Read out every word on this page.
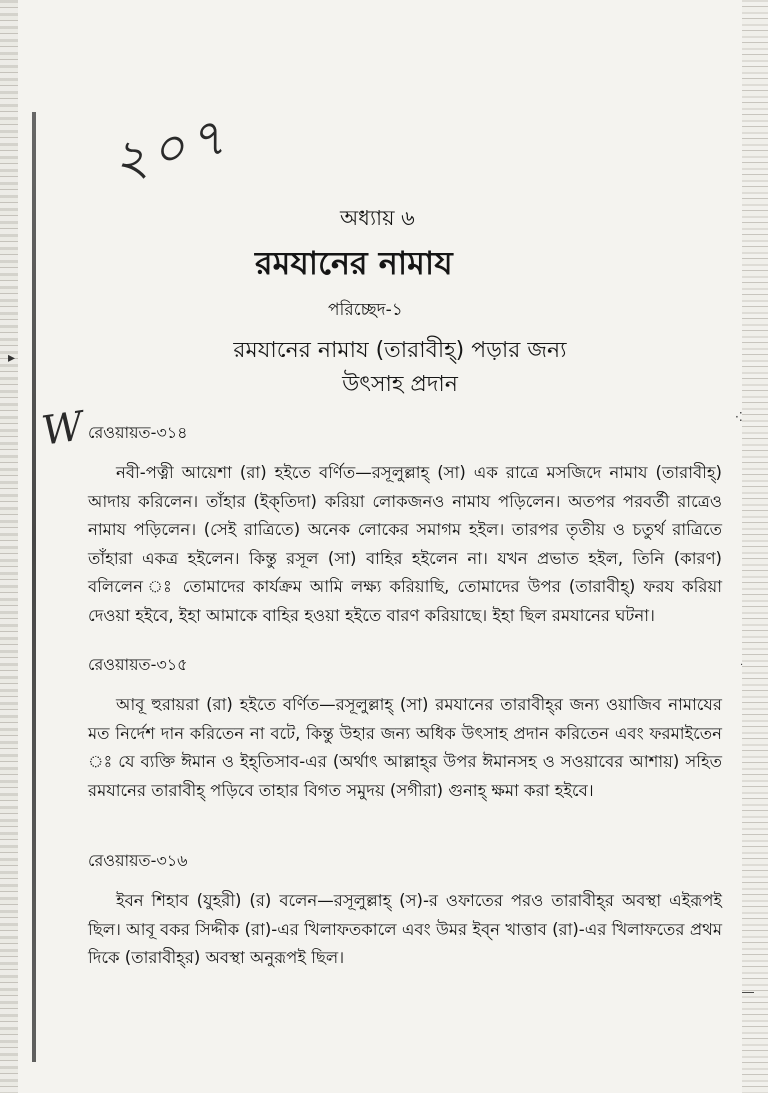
▸
·⁚
·
―
২০৭
W
অধ্যায় ৬
রমযানের নামায
পরিচ্ছেদ-১
রমযানের নামায (তারাবীহ্‌) পড়ার জন্য
উৎসাহ প্রদান
রেওয়ায়ত-৩১৪

নবী-পত্নী আয়েশা (রা) হইতে বর্ণিত—রসূলুল্লাহ্‌ (সা) এক রাত্রে মসজিদে নামায (তারাবীহ্‌) আদায় করিলেন। তাঁহার (ইক্‌তিদা) করিয়া লোকজনও নামায পড়িলেন। অতপর পরবর্তী রাত্রেও নামায পড়িলেন। (সেই রাত্রিতে) অনেক লোকের সমাগম হইল। তারপর তৃতীয় ও চতুর্থ রাত্রিতে তাঁহারা একত্র হইলেন। কিন্তু রসূল (সা) বাহির হইলেন না। যখন প্রভাত হইল, তিনি (কারণ) বলিলেন ঃ তোমাদের কার্যক্রম আমি লক্ষ্য করিয়াছি, তোমাদের উপর (তারাবীহ্‌) ফরয করিয়া দেওয়া হইবে, ইহা আমাকে বাহির হওয়া হইতে বারণ করিয়াছে। ইহা ছিল রমযানের ঘটনা।

রেওয়ায়ত-৩১৫

আবূ হুরায়রা (রা) হইতে বর্ণিত—রসূলুল্লাহ্‌ (সা) রমযানের তারাবীহ্‌র জন্য ওয়াজিব নামাযের মত নির্দেশ দান করিতেন না বটে, কিন্তু উহার জন্য অধিক উৎসাহ প্রদান করিতেন এবং ফরমাইতেন ঃ যে ব্যক্তি ঈমান ও ইহ্‌তিসাব-এর (অর্থাৎ আল্লাহ্‌র উপর ঈমানসহ ও সওয়াবের আশায়) সহিত রমযানের তারাবীহ্‌ পড়িবে তাহার বিগত সমুদয় (সগীরা) গুনাহ্‌ ক্ষমা করা হইবে।

রেওয়ায়ত-৩১৬

ইবন শিহাব (যুহরী) (র) বলেন—রসূলুল্লাহ্‌ (স)-র ওফাতের পরও তারাবীহ্‌র অবস্থা এইরূপই ছিল। আবূ বকর সিদ্দীক (রা)-এর খিলাফতকালে এবং উমর ইব্‌ন খাত্তাব (রা)-এর খিলাফতের প্রথম দিকে (তারাবীহ্‌র) অবস্থা অনুরূপই ছিল।
